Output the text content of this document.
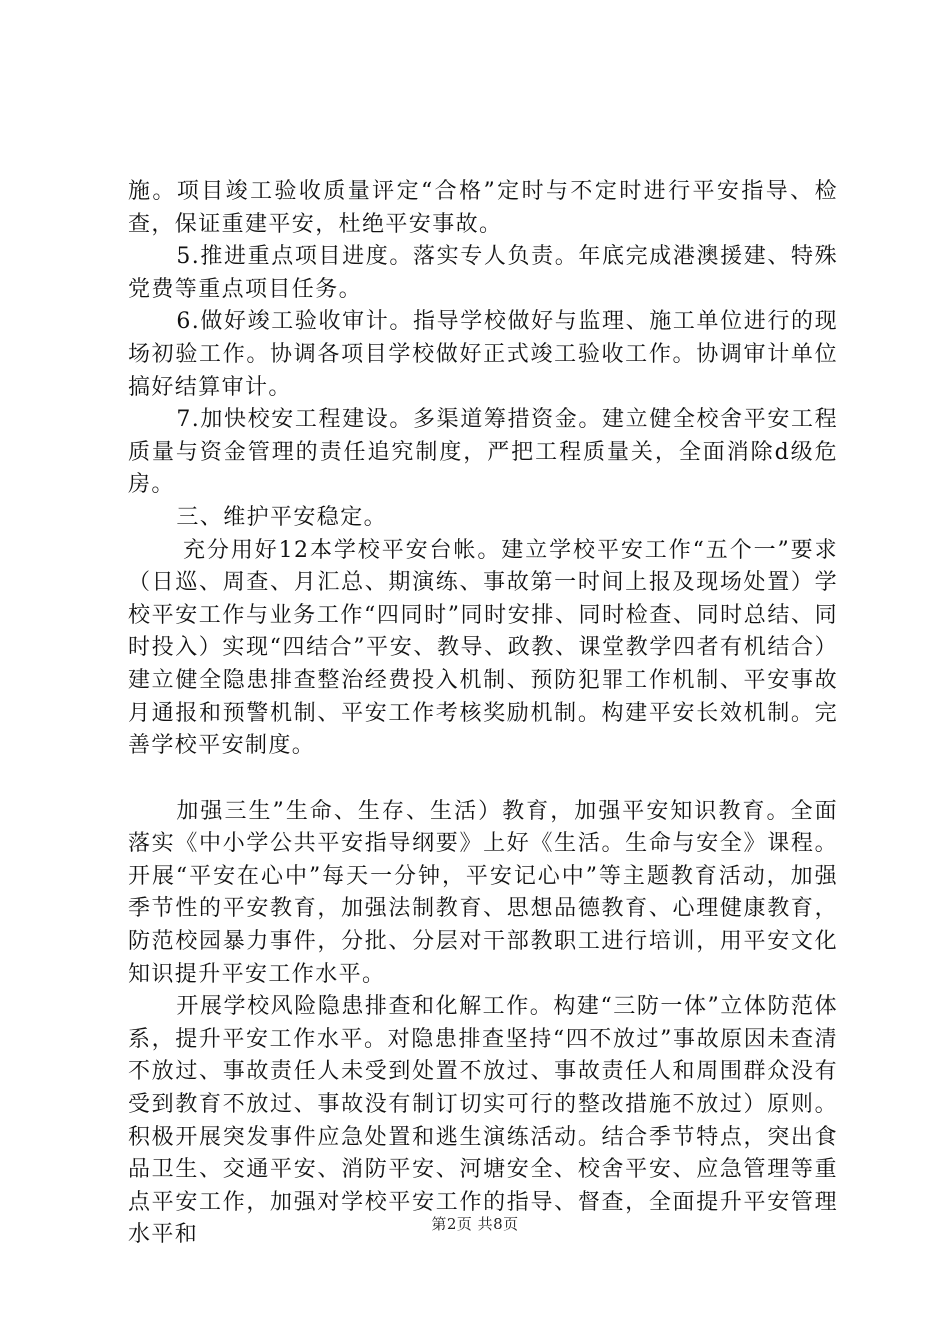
施。项目竣工验收质量评定“合格”定时与不定时进行平安指导、检查，保证重建平安，杜绝平安事故。

5.推进重点项目进度。落实专人负责。年底完成港澳援建、特殊党费等重点项目任务。

6.做好竣工验收审计。指导学校做好与监理、施工单位进行的现场初验工作。协调各项目学校做好正式竣工验收工作。协调审计单位搞好结算审计。

7.加快校安工程建设。多渠道筹措资金。建立健全校舍平安工程质量与资金管理的责任追究制度，严把工程质量关，全面消除d级危房。

三、维护平安稳定。

充分用好12本学校平安台帐。建立学校平安工作“五个一”要求（日巡、周查、月汇总、期演练、事故第一时间上报及现场处置）学校平安工作与业务工作“四同时”同时安排、同时检查、同时总结、同时投入）实现“四结合”平安、教导、政教、课堂教学四者有机结合）建立健全隐患排查整治经费投入机制、预防犯罪工作机制、平安事故月通报和预警机制、平安工作考核奖励机制。构建平安长效机制。完善学校平安制度。

加强三生”生命、生存、生活）教育，加强平安知识教育。全面落实《中小学公共平安指导纲要》上好《生活。生命与安全》课程。开展“平安在心中”每天一分钟，平安记心中”等主题教育活动，加强季节性的平安教育，加强法制教育、思想品德教育、心理健康教育，防范校园暴力事件，分批、分层对干部教职工进行培训，用平安文化知识提升平安工作水平。

开展学校风险隐患排查和化解工作。构建“三防一体”立体防范体系，提升平安工作水平。对隐患排查坚持“四不放过”事故原因未查清不放过、事故责任人未受到处置不放过、事故责任人和周围群众没有受到教育不放过、事故没有制订切实可行的整改措施不放过）原则。积极开展突发事件应急处置和逃生演练活动。结合季节特点，突出食品卫生、交通平安、消防平安、河塘安全、校舍平安、应急管理等重点平安工作，加强对学校平安工作的指导、督查，全面提升平安管理水平和	第2页 共8页
